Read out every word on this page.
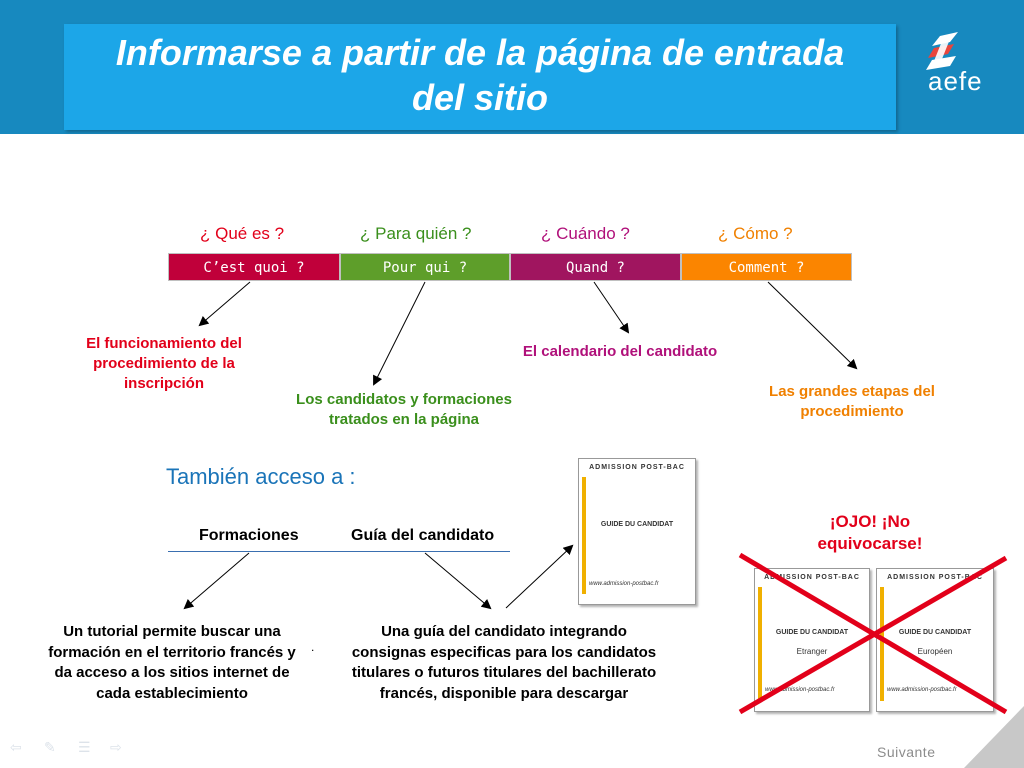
Informarse a partir de la página de entrada
del sitio	aefe
¿ Qué es ?	¿ Para quién ?	¿ Cuándo ?	¿ Cómo ?
C’est quoi ?	Pour qui ?	Quand ?	Comment ?
El funcionamiento del procedimiento de la inscripción
Los candidatos y formaciones tratados en la página
El calendario del candidato
Las grandes etapas del procedimiento
También acceso a :
Formaciones	Guía del candidato
Un tutorial permite buscar una formación en el territorio francés y da acceso a los sitios internet de cada establecimiento
Una guía del candidato integrando consignas especificas para los candidatos titulares o futuros titulares del bachillerato francés, disponible para descargar
.
ADMISSION POST-BAC
GUIDE DU CANDIDAT
www.admission-postbac.fr
¡OJO! ¡No
equivocarse!
ADMISSION POST-BAC
GUIDE DU CANDIDAT
Etranger
www.admission-postbac.fr
ADMISSION POST-BAC
GUIDE DU CANDIDAT
Européen
www.admission-postbac.fr
Suivante
⇦	✎	☰ ⇨
